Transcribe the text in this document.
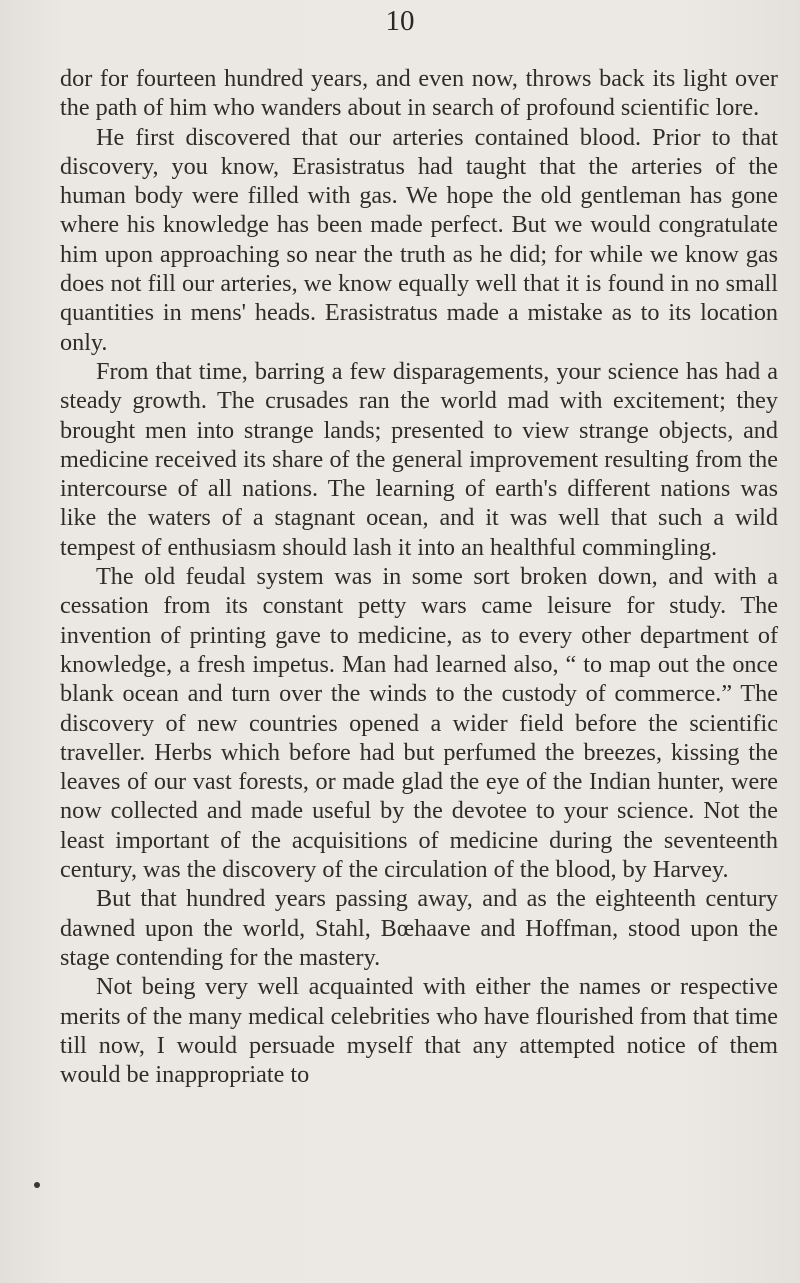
10

dor for fourteen hundred years, and even now, throws back its light over the path of him who wanders about in search of profound scientific lore.

He first discovered that our arteries contained blood. Prior to that discovery, you know, Erasistratus had taught that the arteries of the human body were filled with gas. We hope the old gentleman has gone where his knowledge has been made perfect. But we would congratulate him upon approaching so near the truth as he did; for while we know gas does not fill our arteries, we know equally well that it is found in no small quantities in mens' heads. Erasistratus made a mistake as to its location only.

From that time, barring a few disparagements, your science has had a steady growth. The crusades ran the world mad with excitement; they brought men into strange lands; presented to view strange objects, and medicine received its share of the general improvement resulting from the intercourse of all nations. The learning of earth's different nations was like the waters of a stagnant ocean, and it was well that such a wild tempest of enthusiasm should lash it into an healthful commingling.

The old feudal system was in some sort broken down, and with a cessation from its constant petty wars came leisure for study. The invention of printing gave to medicine, as to every other department of knowledge, a fresh impetus. Man had learned also, “ to map out the once blank ocean and turn over the winds to the custody of commerce.” The discovery of new countries opened a wider field before the scientific traveller. Herbs which before had but perfumed the breezes, kissing the leaves of our vast forests, or made glad the eye of the Indian hunter, were now collected and made useful by the devotee to your science. Not the least important of the acquisitions of medicine during the seventeenth century, was the discovery of the circulation of the blood, by Harvey.

But that hundred years passing away, and as the eighteenth century dawned upon the world, Stahl, Bœhaave and Hoffman, stood upon the stage contending for the mastery.

Not being very well acquainted with either the names or respective merits of the many medical celebrities who have flourished from that time till now, I would persuade myself that any attempted notice of them would be inappropriate to
